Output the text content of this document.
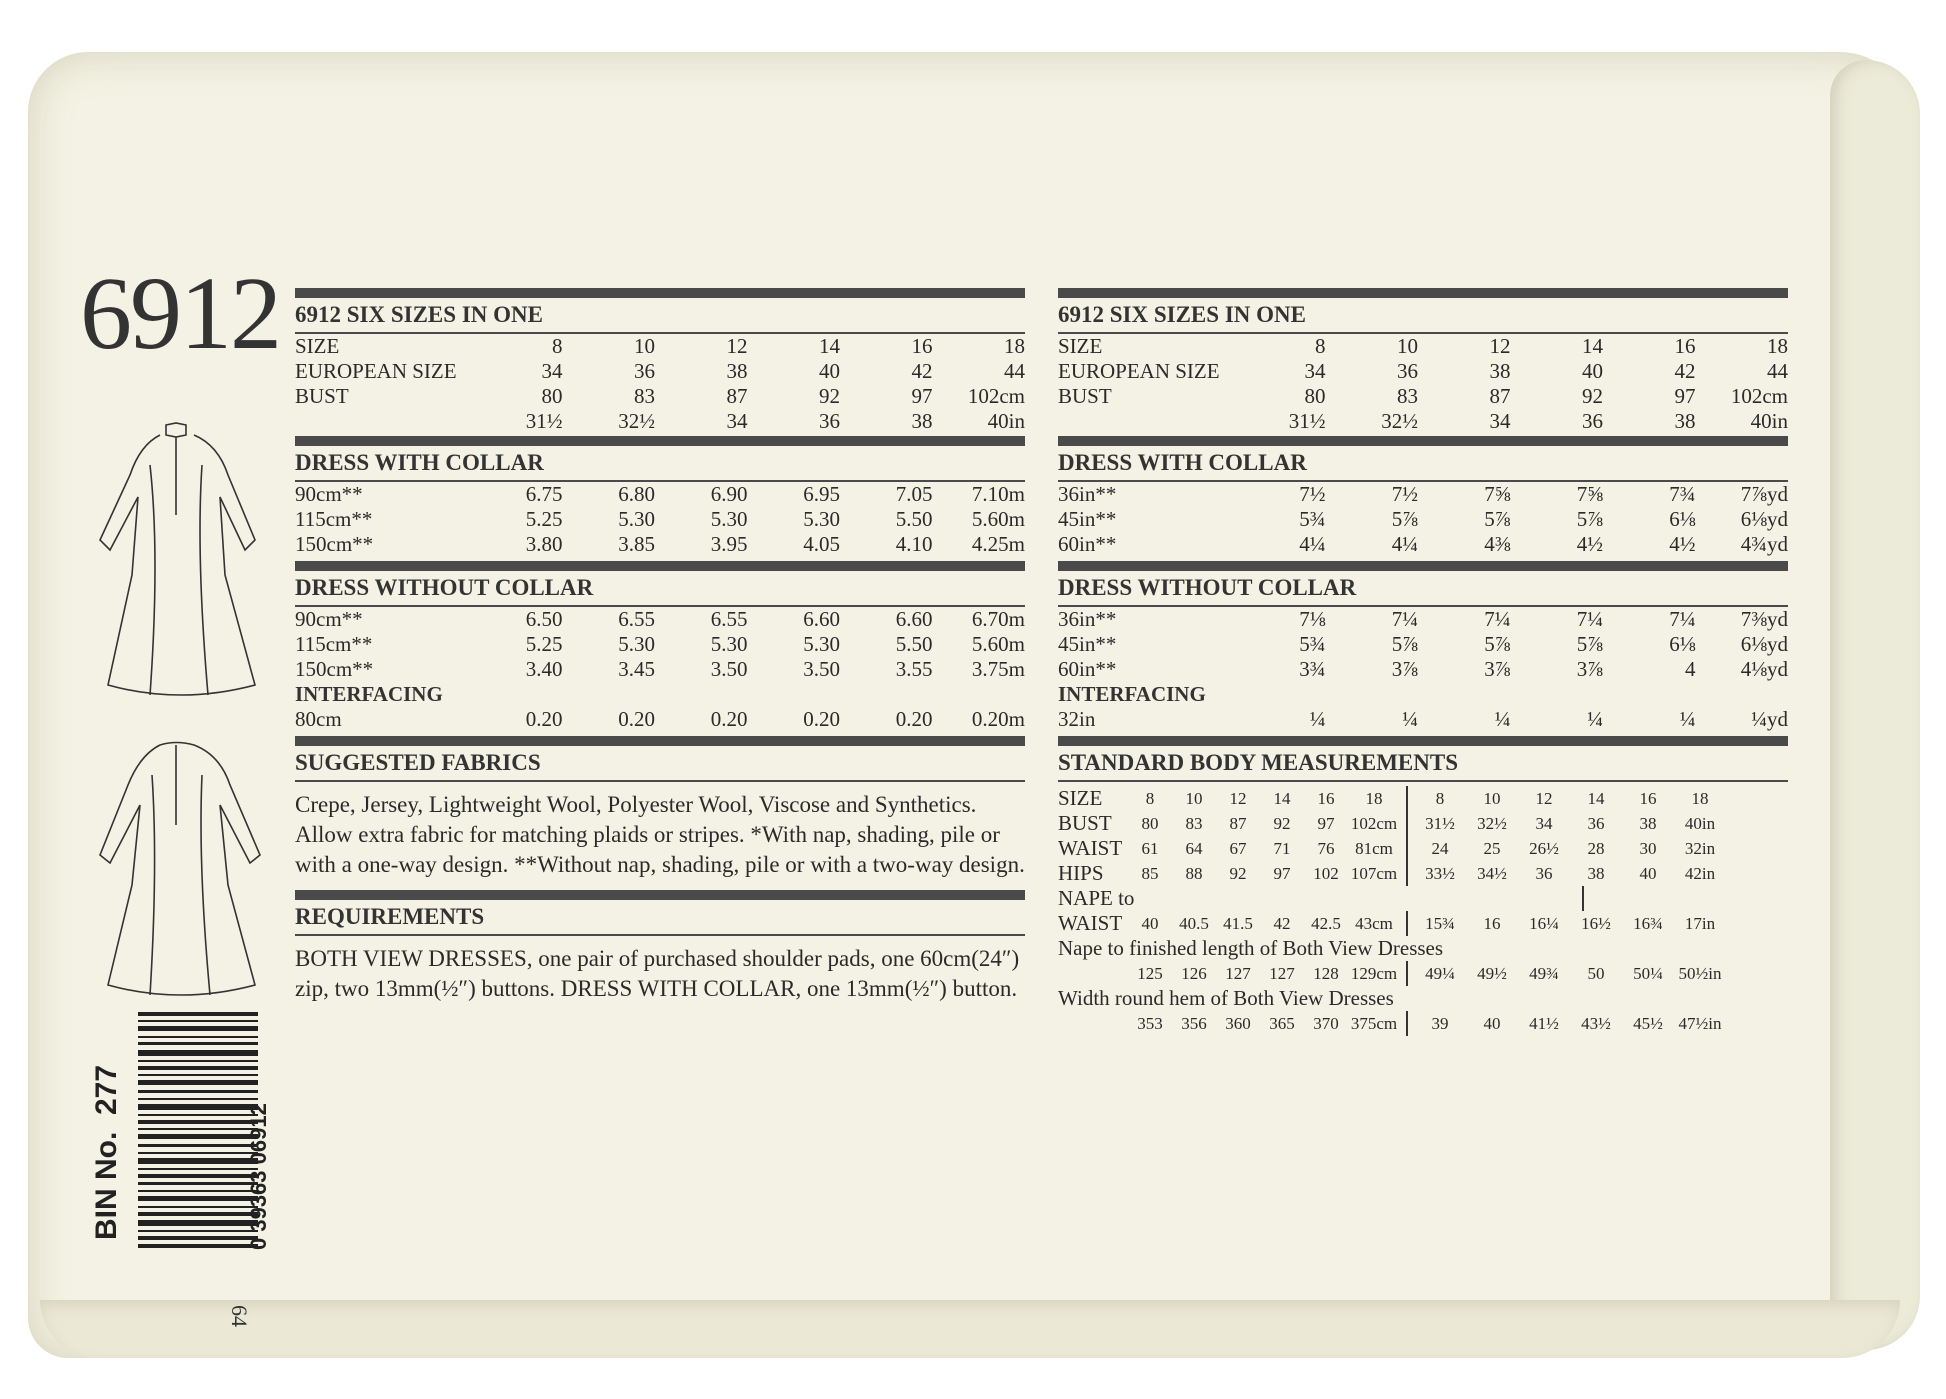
6912
BIN No.  277
0 39363 06912
64
6912 SIX SIZES IN ONE
SIZE	8	10	12	14	16	18
EUROPEAN SIZE	34	36	38	40	42	44
BUST	80	83	87	92	97	102cm
31½	32½	34	36	38	40in
DRESS WITH COLLAR
90cm**	6.75	6.80	6.90	6.95	7.05	7.10m
115cm**	5.25	5.30	5.30	5.30	5.50	5.60m
150cm**	3.80	3.85	3.95	4.05	4.10	4.25m
DRESS WITHOUT COLLAR
90cm**	6.50	6.55	6.55	6.60	6.60	6.70m
115cm**	5.25	5.30	5.30	5.30	5.50	5.60m
150cm**	3.40	3.45	3.50	3.50	3.55	3.75m
INTERFACING
80cm	0.20	0.20	0.20	0.20	0.20	0.20m
SUGGESTED FABRICS
Crepe, Jersey, Lightweight Wool, Polyester Wool, Viscose and Synthetics. Allow extra fabric for matching plaids or stripes. *With nap, shading, pile or with a one-way design. **Without nap, shading, pile or with a two-way design.
REQUIREMENTS
BOTH VIEW DRESSES, one pair of purchased shoulder pads, one 60cm(24″) zip, two 13mm(½″) buttons. DRESS WITH COLLAR, one 13mm(½″) button.
6912 SIX SIZES IN ONE
SIZE	8	10	12	14	16	18
EUROPEAN SIZE	34	36	38	40	42	44
BUST	80	83	87	92	97	102cm
31½	32½	34	36	38	40in
DRESS WITH COLLAR
36in**	7½	7½	7⅝	7⅝	7¾	7⅞yd
45in**	5¾	5⅞	5⅞	5⅞	6⅛	6⅛yd
60in**	4¼	4¼	4⅜	4½	4½	4¾yd
DRESS WITHOUT COLLAR
36in**	7⅛	7¼	7¼	7¼	7¼	7⅜yd
45in**	5¾	5⅞	5⅞	5⅞	6⅛	6⅛yd
60in**	3¾	3⅞	3⅞	3⅞	4	4⅛yd
INTERFACING
32in	¼	¼	¼	¼	¼	¼yd
STANDARD BODY MEASUREMENTS
SIZE	8	10	12	14	16	18	8	10	12	14	16	18
BUST	80	83	87	92	97 102cm	31½	32½	34	36	38	40in
WAIST	61	64	67	71	76	81cm	24	25	26½	28	30	32in
HIPS	85	88	92	97	102 107cm	33½	34½	36	38	40	42in
NAPE to
WAIST	40	40.5 41.5	42	42.5 43cm	15¾	16	16¼	16½	16¾	17in
Nape to finished length of Both View Dresses
125	126	127	127	128 129cm	49¼	49½	49¾	50	50¼ 50½in
Width round hem of Both View Dresses
353	356	360	365	370 375cm	39	40	41½	43½	45½ 47½in
